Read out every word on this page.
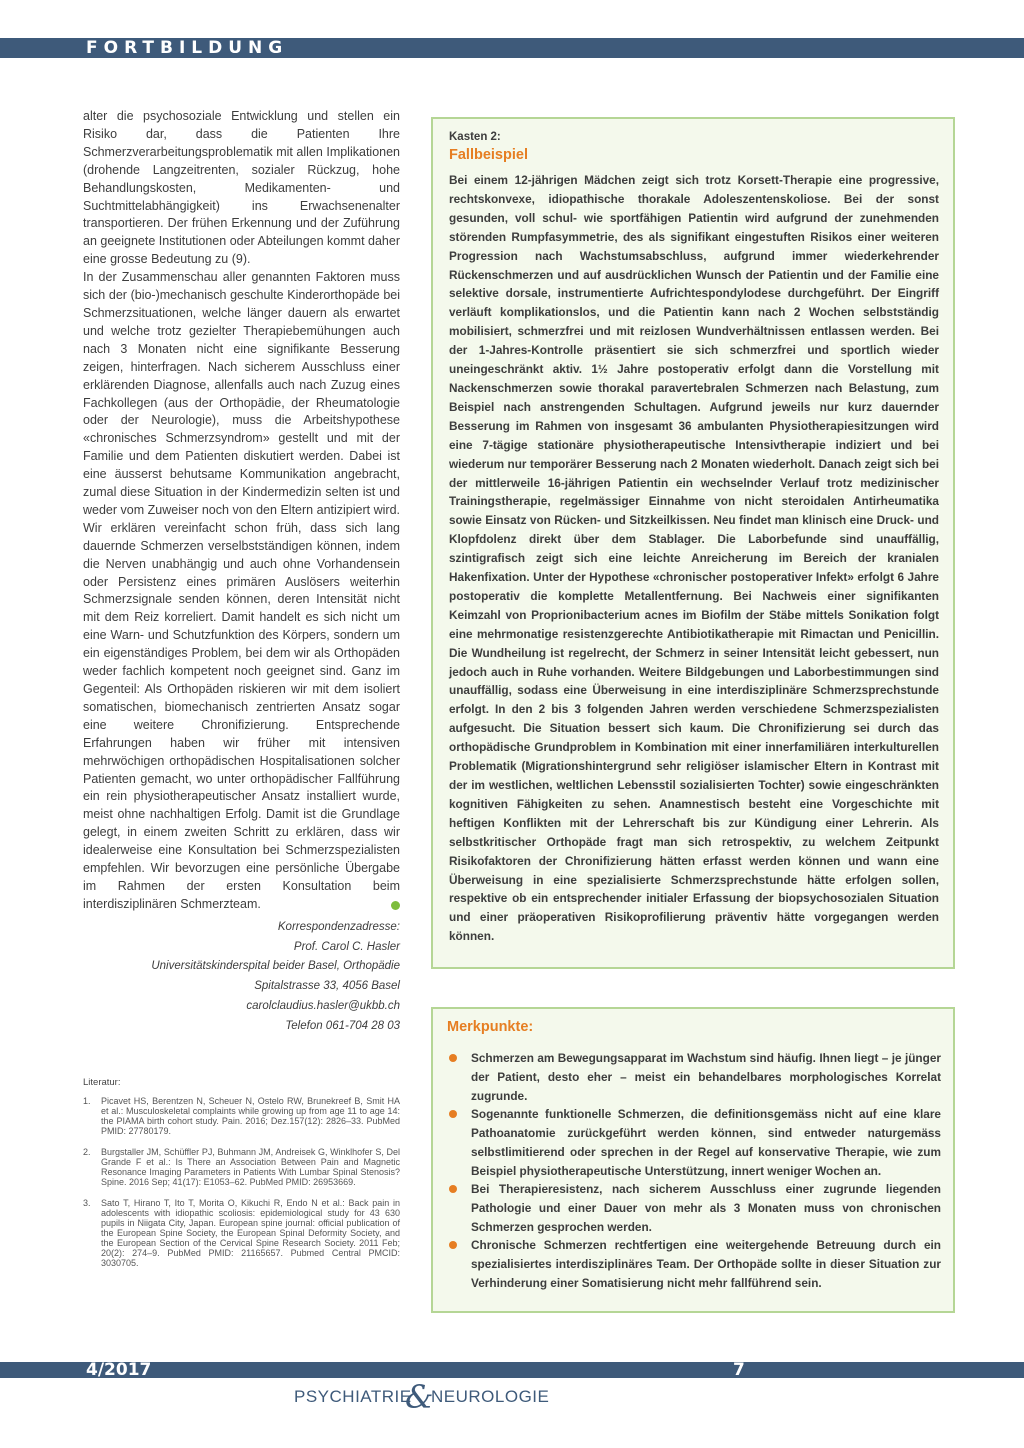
FORTBILDUNG

alter die psychosoziale Entwicklung und stellen ein Risiko dar, dass die Patienten Ihre Schmerzverarbeitungsproblematik mit allen Implikationen (drohende Langzeitrenten, sozialer Rückzug, hohe Behandlungskosten, Medikamenten- und Suchtmittelabhängigkeit) ins Erwachsenenalter transportieren. Der frühen Erkennung und der Zuführung an geeignete Institutionen oder Abteilungen kommt daher eine grosse Bedeutung zu (9).

In der Zusammenschau aller genannten Faktoren muss sich der (bio-)mechanisch geschulte Kinderorthopäde bei Schmerzsituationen, welche länger dauern als erwartet und welche trotz gezielter Therapiebemühungen auch nach 3 Monaten nicht eine signifikante Besserung zeigen, hinterfragen. Nach sicherem Ausschluss einer erklärenden Diagnose, allenfalls auch nach Zuzug eines Fachkollegen (aus der Orthopädie, der Rheumatologie oder der Neurologie), muss die Arbeitshypothese «chronisches Schmerzsyndrom» gestellt und mit der Familie und dem Patienten diskutiert werden. Dabei ist eine äusserst behutsame Kommunikation angebracht, zumal diese Situation in der Kindermedizin selten ist und weder vom Zuweiser noch von den Eltern antizipiert wird. Wir erklären vereinfacht schon früh, dass sich lang dauernde Schmerzen verselbstständigen können, indem die Nerven unabhängig und auch ohne Vorhandensein oder Persistenz eines primären Auslösers weiterhin Schmerzsignale senden können, deren Intensität nicht mit dem Reiz korreliert. Damit handelt es sich nicht um eine Warn- und Schutzfunktion des Körpers, sondern um ein eigenständiges Problem, bei dem wir als Orthopäden weder fachlich kompetent noch geeignet sind. Ganz im Gegenteil: Als Orthopäden riskieren wir mit dem isoliert somatischen, biomechanisch zentrierten Ansatz sogar eine weitere Chronifizierung. Entsprechende Erfahrungen haben wir früher mit intensiven mehrwöchigen orthopädischen Hospitalisationen solcher Patienten gemacht, wo unter orthopädischer Fallführung ein rein physiotherapeutischer Ansatz installiert wurde, meist ohne nachhaltigen Erfolg. Damit ist die Grundlage gelegt, in einem zweiten Schritt zu erklären, dass wir idealerweise eine Konsultation bei Schmerzspezialisten empfehlen. Wir bevorzugen eine persönliche Übergabe im Rahmen der ersten Konsultation beim interdisziplinären Schmerzteam.

Korrespondenzadresse:
Prof. Carol C. Hasler
Universitätskinderspital beider Basel, Orthopädie
Spitalstrasse 33, 4056 Basel
carolclaudius.hasler@ukbb.ch
Telefon 061-704 28 03
Literatur:
1. Picavet HS, Berentzen N, Scheuer N, Ostelo RW, Brunekreef B, Smit HA et al.: Musculoskeletal complaints while growing up from age 11 to age 14: the PIAMA birth cohort study. Pain. 2016; Dez.157(12): 2826–33. PubMed PMID: 27780179.
2. Burgstaller JM, Schüffler PJ, Buhmann JM, Andreisek G, Winklhofer S, Del Grande F et al.: Is There an Association Between Pain and Magnetic Resonance Imaging Parameters in Patients With Lumbar Spinal Stenosis? Spine. 2016 Sep; 41(17): E1053–62. PubMed PMID: 26953669.
3. Sato T, Hirano T, Ito T, Morita O, Kikuchi R, Endo N et al.: Back pain in adolescents with idiopathic scoliosis: epidemiological study for 43 630 pupils in Niigata City, Japan. European spine journal: official publication of the European Spine Society, the European Spinal Deformity Society, and the European Section of the Cervical Spine Research Society. 2011 Feb; 20(2): 274–9. PubMed PMID: 21165657. Pubmed Central PMCID: 3030705.
Kasten 2:
Fallbeispiel

Bei einem 12-jährigen Mädchen zeigt sich trotz Korsett-Therapie eine progressive, rechtskonvexe, idiopathische thorakale Adoleszentenskoliose. Bei der sonst gesunden, voll schul- wie sportfähigen Patientin wird aufgrund der zunehmenden störenden Rumpfasymmetrie, des als signifikant eingestuften Risikos einer weiteren Progression nach Wachstumsabschluss, aufgrund immer wiederkehrender Rückenschmerzen und auf ausdrücklichen Wunsch der Patientin und der Familie eine selektive dorsale, instrumentierte Aufrichtespondylodese durchgeführt. Der Eingriff verläuft komplikationslos, und die Patientin kann nach 2 Wochen selbstständig mobilisiert, schmerzfrei und mit reizlosen Wundverhältnissen entlassen werden. Bei der 1-Jahres-Kontrolle präsentiert sie sich schmerzfrei und sportlich wieder uneingeschränkt aktiv. 1½ Jahre postoperativ erfolgt dann die Vorstellung mit Nackenschmerzen sowie thorakal paravertebralen Schmerzen nach Belastung, zum Beispiel nach anstrengenden Schultagen. Aufgrund jeweils nur kurz dauernder Besserung im Rahmen von insgesamt 36 ambulanten Physiotherapiesitzungen wird eine 7-tägige stationäre physiotherapeutische Intensivtherapie indiziert und bei wiederum nur temporärer Besserung nach 2 Monaten wiederholt. Danach zeigt sich bei der mittlerweile 16-jährigen Patientin ein wechselnder Verlauf trotz medizinischer Trainingstherapie, regelmässiger Einnahme von nicht steroidalen Antirheumatika sowie Einsatz von Rücken- und Sitzkeilkissen. Neu findet man klinisch eine Druck- und Klopfdolenz direkt über dem Stablager. Die Laborbefunde sind unauffällig, szintigrafisch zeigt sich eine leichte Anreicherung im Bereich der kranialen Hakenfixation. Unter der Hypothese «chronischer postoperativer Infekt» erfolgt 6 Jahre postoperativ die komplette Metallentfernung. Bei Nachweis einer signifikanten Keimzahl von Proprionibacterium acnes im Biofilm der Stäbe mittels Sonikation folgt eine mehrmonatige resistenzgerechte Antibiotikatherapie mit Rimactan und Penicillin. Die Wundheilung ist regelrecht, der Schmerz in seiner Intensität leicht gebessert, nun jedoch auch in Ruhe vorhanden. Weitere Bildgebungen und Laborbestimmungen sind unauffällig, sodass eine Überweisung in eine interdisziplinäre Schmerzsprechstunde erfolgt. In den 2 bis 3 folgenden Jahren werden verschiedene Schmerzspezialisten aufgesucht. Die Situation bessert sich kaum. Die Chronifizierung sei durch das orthopädische Grundproblem in Kombination mit einer innerfamiliären interkulturellen Problematik (Migrationshintergrund sehr religiöser islamischer Eltern in Kontrast mit der im westlichen, weltlichen Lebensstil sozialisierten Tochter) sowie eingeschränkten kognitiven Fähigkeiten zu sehen. Anamnestisch besteht eine Vorgeschichte mit heftigen Konflikten mit der Lehrerschaft bis zur Kündigung einer Lehrerin. Als selbstkritischer Orthopäde fragt man sich retrospektiv, zu welchem Zeitpunkt Risikofaktoren der Chronifizierung hätten erfasst werden können und wann eine Überweisung in eine spezialisierte Schmerzsprechstunde hätte erfolgen sollen, respektive ob ein entsprechender initialer Erfassung der biopsychosozialen Situation und einer präoperativen Risikoprofilierung präventiv hätte vorgegangen werden können.

Merkpunkte:
Schmerzen am Bewegungsapparat im Wachstum sind häufig. Ihnen liegt – je jünger der Patient, desto eher – meist ein behandelbares morphologisches Korrelat zugrunde.
Sogenannte funktionelle Schmerzen, die definitionsgemäss nicht auf eine klare Pathoanatomie zurückgeführt werden können, sind entweder naturgemäss selbstlimitierend oder sprechen in der Regel auf konservative Therapie, wie zum Beispiel physiotherapeutische Unterstützung, innert weniger Wochen an.
Bei Therapieresistenz, nach sicherem Ausschluss einer zugrunde liegenden Pathologie und einer Dauer von mehr als 3 Monaten muss von chronischen Schmerzen gesprochen werden.
Chronische Schmerzen rechtfertigen eine weitergehende Betreuung durch ein spezialisiertes interdisziplinäres Team. Der Orthopäde sollte in dieser Situation zur Verhinderung einer Somatisierung nicht mehr fallführend sein.
4/2017	7
PSYCHIATRIE
&
NEUROLOGIE
